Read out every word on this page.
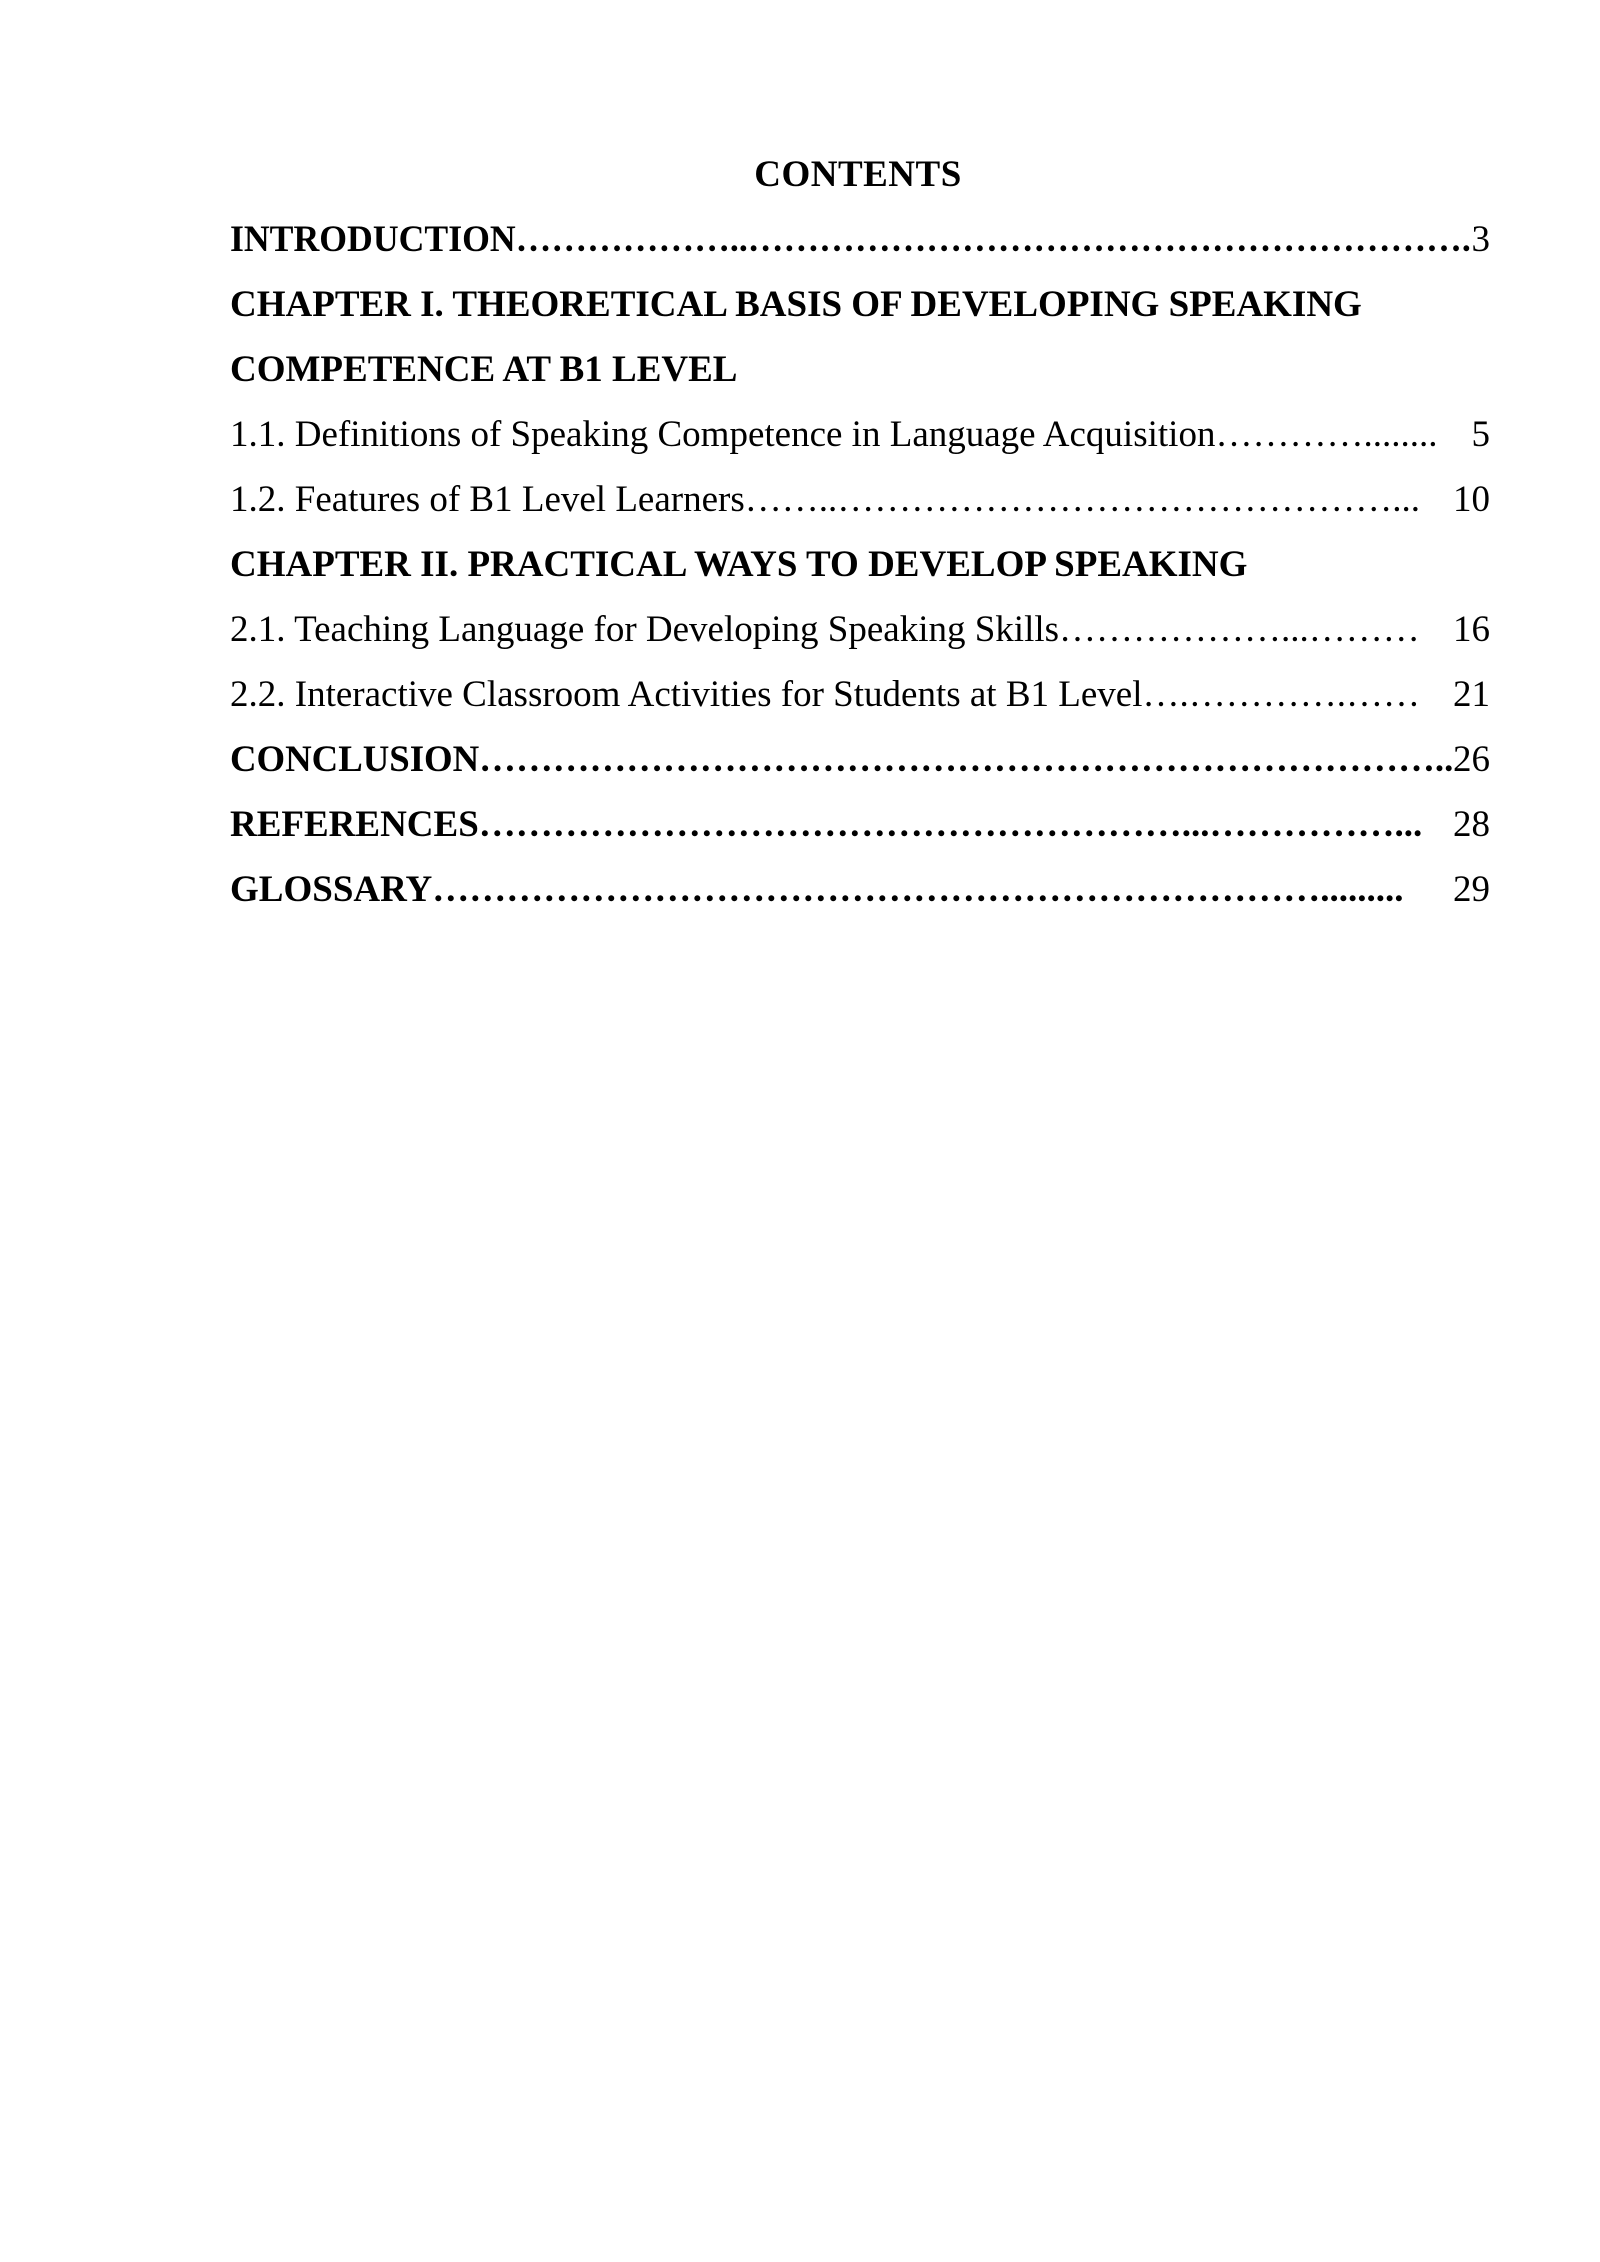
CONTENTS
INTRODUCTION………………..……………………………………………………. 3
CHAPTER I. THEORETICAL BASIS OF DEVELOPING SPEAKING
COMPETENCE AT B1 LEVEL
1.1. Definitions of Speaking Competence in Language Acquisition…………........ 5
1.2. Features of B1 Level Learners……..………………………………………... 10
CHAPTER II. PRACTICAL WAYS TO DEVELOP SPEAKING
2.1. Teaching Language for Developing Speaking Skills………………...……… 16
2.2. Interactive Classroom Activities for Students at B1 Level….………….…… 21
CONCLUSION…………………………………………………………………….. 26
REFERENCES…………………………………………………...……………... 28
GLOSSARY………………………………………………………………......... 29
